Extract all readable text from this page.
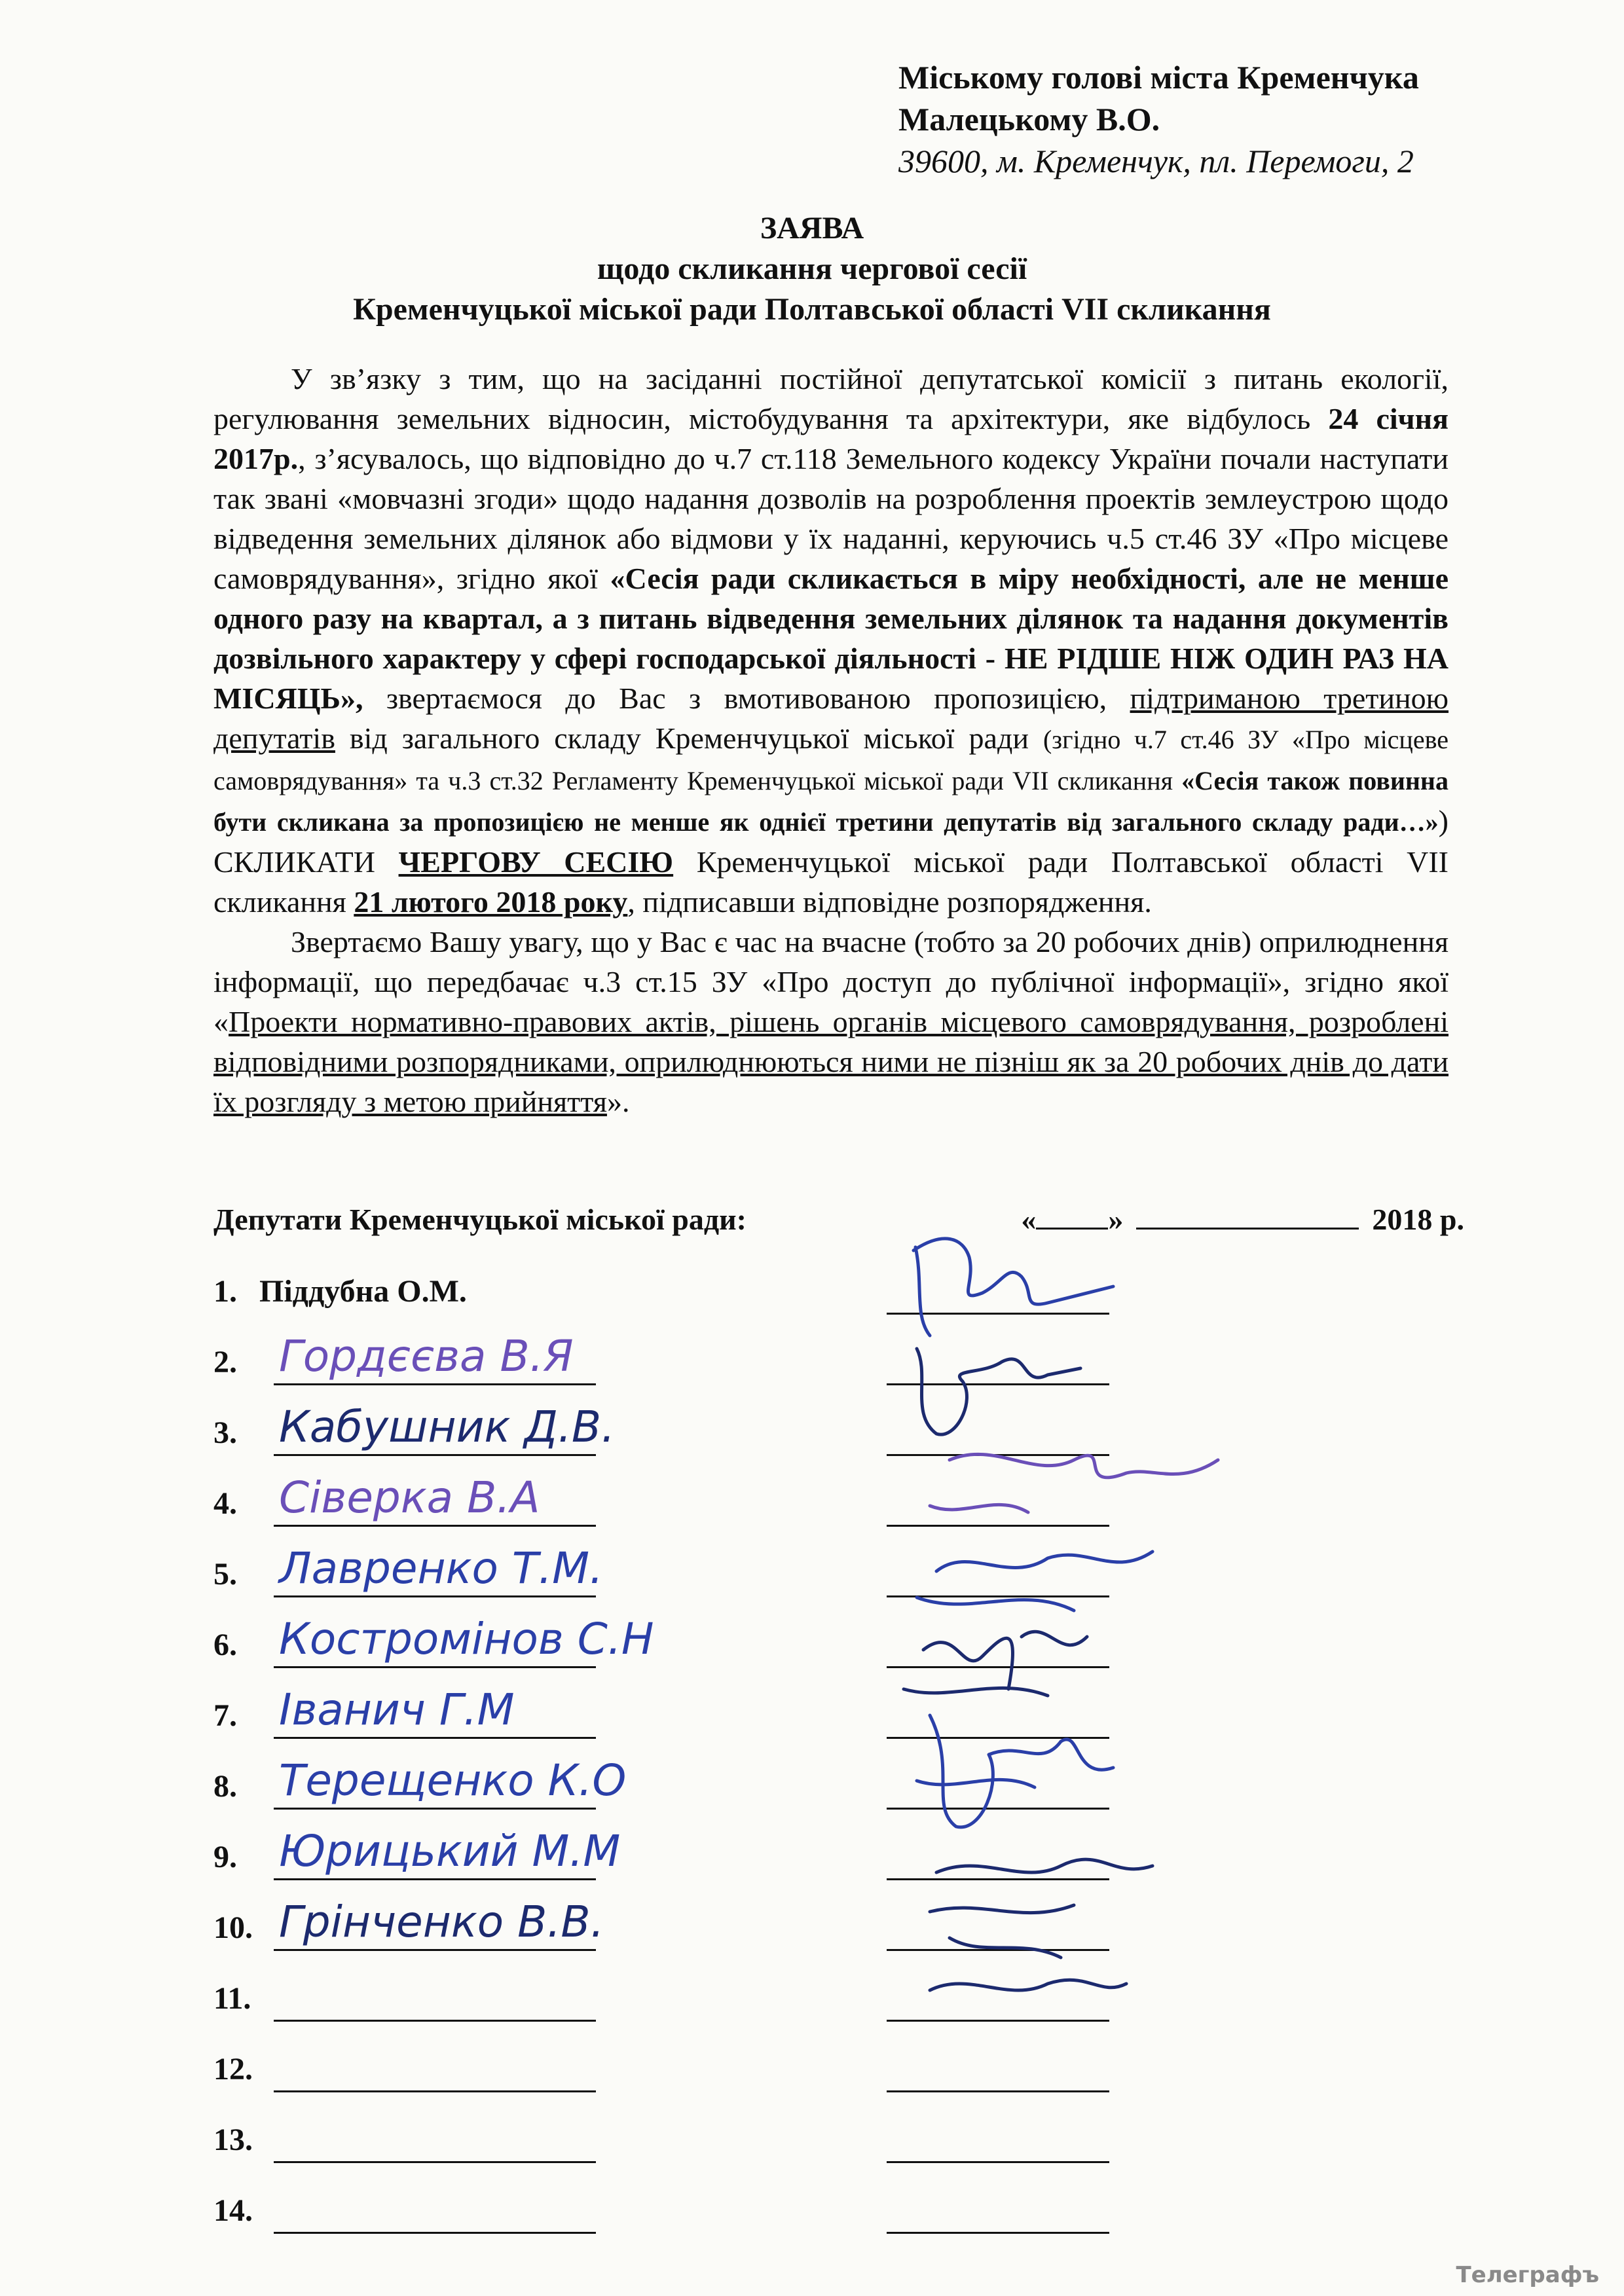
Міському голові міста Кременчука
Малецькому В.О.
39600, м. Кременчук, пл. Перемоги, 2
ЗАЯВА
щодо скликання чергової сесії
Кременчуцької міської ради Полтавської області VII скликання

У зв’язку з тим, що на засіданні постійної депутатської комісії з питань екології, регулювання земельних відносин, містобудування та архітектури, яке відбулось 24 січня 2017р., з’ясувалось, що відповідно до ч.7 ст.118 Земельного кодексу України почали наступати так звані «мовчазні згоди» щодо надання дозволів на розроблення проектів землеустрою щодо відведення земельних ділянок або відмови у їх наданні, керуючись ч.5 ст.46 ЗУ «Про місцеве самоврядування», згідно якої «Сесія ради скликається в міру необхідності, але не менше одного разу на квартал, а з питань відведення земельних ділянок та надання документів дозвільного характеру у сфері господарської діяльності - НЕ РІДШЕ НІЖ ОДИН РАЗ НА МІСЯЦЬ», звертаємося до Вас з вмотивованою пропозицією, підтриманою третиною депутатів від загального складу Кременчуцької міської ради (згідно ч.7 ст.46 ЗУ «Про місцеве самоврядування» та ч.3 ст.32 Регламенту Кременчуцької міської ради VII скликання «Сесія також повинна бути скликана за пропозицією не менше як однієї третини депутатів від загального складу ради…») СКЛИКАТИ ЧЕРГОВУ СЕСІЮ Кременчуцької міської ради Полтавської області VII скликання 21 лютого 2018 року, підписавши відповідне розпорядження.

Звертаємо Вашу увагу, що у Вас є час на вчасне (тобто за 20 робочих днів) оприлюднення інформації, що передбачає ч.3 ст.15 ЗУ «Про доступ до публічної інформації», згідно якої «Проекти нормативно-правових актів, рішень органів місцевого самоврядування, розроблені відповідними розпорядниками, оприлюднюються ними не пізніш як за 20 робочих днів до дати їх розгляду з метою прийняття».

Депутати Кременчуцької міської ради:	« »	2018 р.
1. Піддубна О.М.
2. Гордєєва В.Я
3. Кабушник Д.В.
4. Сіверка В.А
5. Лавренко Т.М.
6. Костромінов С.Н
7. Іванич Г.М
8. Терещенко К.О
9. Юрицький М.М
10. Грінченко В.В.
11.
12.
13.
14.
Телеграфъ
